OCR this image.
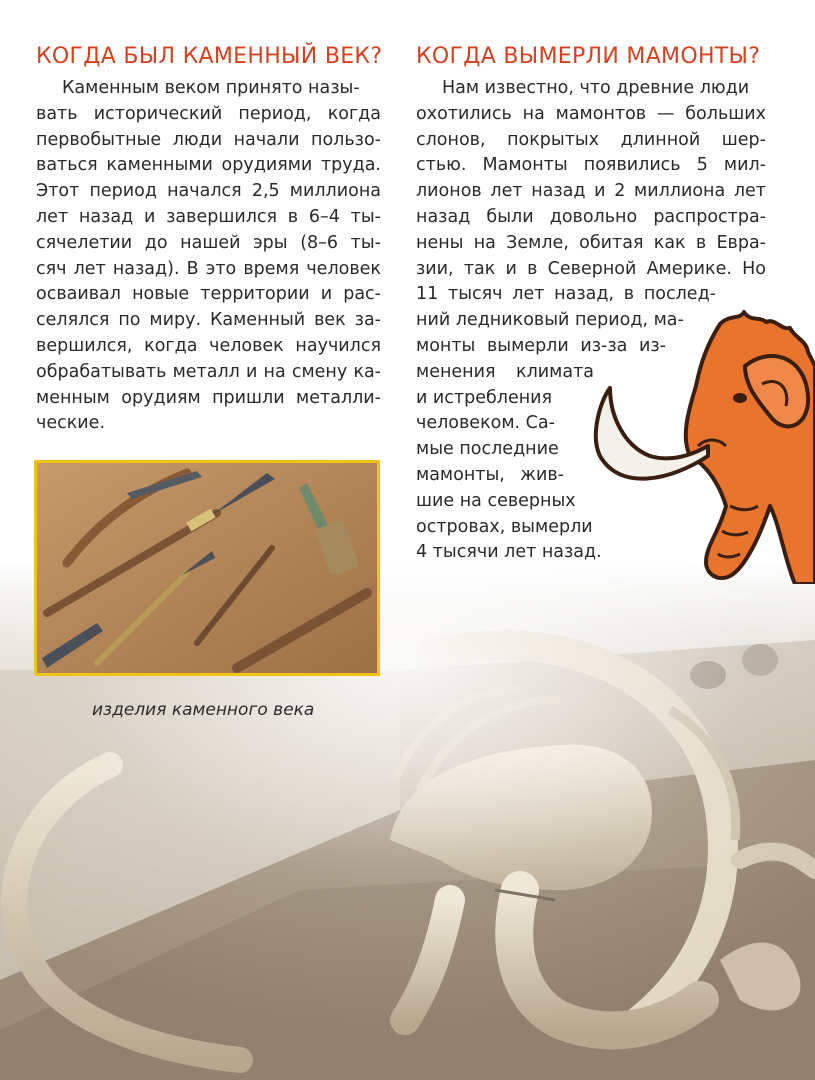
КОГДА БЫЛ КАМЕННЫЙ ВЕК?
Каменным веком принято назы-
вать исторический период, когда
первобытные люди начали пользо-
ваться каменными орудиями труда.
Этот период начался 2,5 миллиона
лет назад и завершился в 6–4 ты-
сячелетии до нашей эры (8–6 ты-
сяч лет назад). В это время человек
осваивал новые территории и рас-
селялся по миру. Каменный век за-
вершился, когда человек научился
обрабатывать металл и на смену ка-
менным орудиям пришли металли-
ческие.

изделия каменного века

КОГДА ВЫМЕРЛИ МАМОНТЫ?
Нам известно, что древние люди
охотились на мамонтов — больших
слонов, покрытых длинной шер-
стью. Мамонты появились 5 мил-
лионов лет назад и 2 миллиона лет
назад были довольно распростра-
нены на Земле, обитая как в Евра-
зии, так и в Северной Америке. Но
11 тысяч лет назад, в послед-
ний ледниковый период, ма-
монты вымерли из-за из-
менения климата
и истребления
человеком. Са-
мые последние
мамонты, жив-
шие на северных
островах, вымерли
4 тысячи лет назад.
